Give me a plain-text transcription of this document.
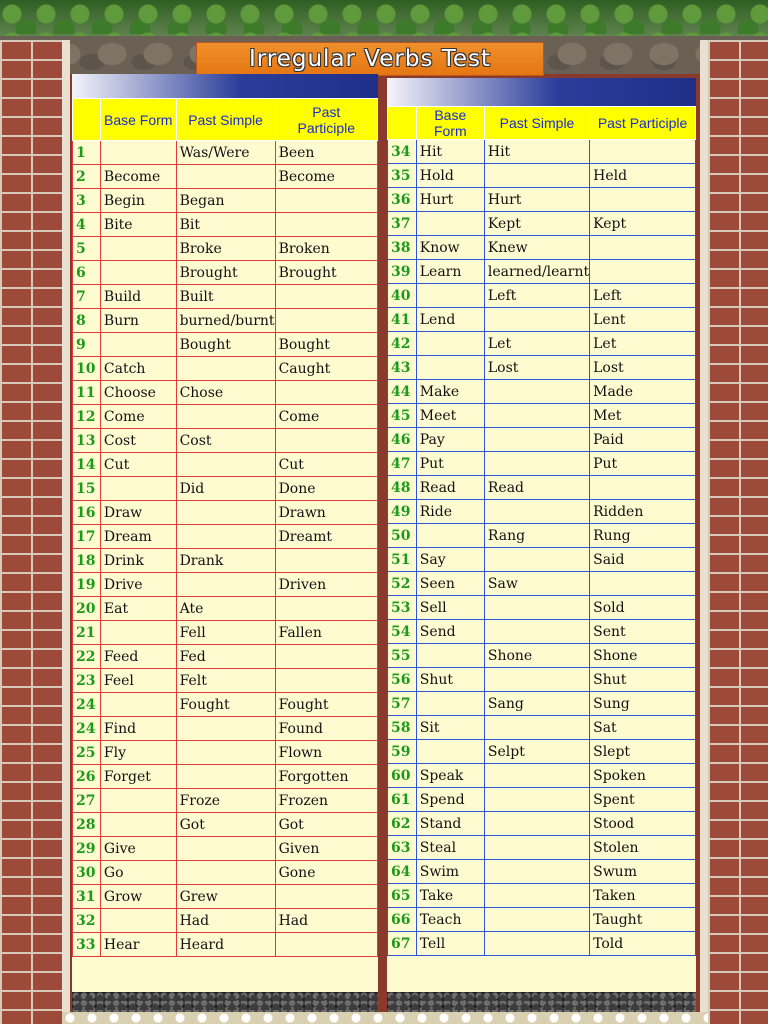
Irregular Verbs Test
	Base Form	Past Simple	Past
Participle
1		Was/Were	Been
2	Become		Become
3	Begin	Began	
4	Bite	Bit	
5		Broke	Broken
6		Brought	Brought
7	Build	Built	
8	Burn	burned/burnt	
9		Bought	Bought
10	Catch		Caught
11	Choose	Chose	
12	Come		Come
13	Cost	Cost	
14	Cut		Cut
15		Did	Done
16	Draw		Drawn
17	Dream		Dreamt
18	Drink	Drank	
19	Drive		Driven
20	Eat	Ate	
21		Fell	Fallen
22	Feed	Fed	
23	Feel	Felt	
24		Fought	Fought
24	Find		Found
25	Fly		Flown
26	Forget		Forgotten
27		Froze	Frozen
28		Got	Got
29	Give		Given
30	Go		Gone
31	Grow	Grew	
32		Had	Had
33	Hear	Heard	
	Base Form	Past Simple	Past Participle
34	Hit	Hit	
35	Hold		Held
36	Hurt	Hurt	
37		Kept	Kept
38	Know	Knew	
39	Learn	learned/learnt	
40		Left	Left
41	Lend		Lent
42		Let	Let
43		Lost	Lost
44	Make		Made
45	Meet		Met
46	Pay		Paid
47	Put		Put
48	Read	Read	
49	Ride		Ridden
50		Rang	Rung
51	Say		Said
52	Seen	Saw	
53	Sell		Sold
54	Send		Sent
55		Shone	Shone
56	Shut		Shut
57		Sang	Sung
58	Sit		Sat
59		Selpt	Slept
60	Speak		Spoken
61	Spend		Spent
62	Stand		Stood
63	Steal		Stolen
64	Swim		Swum
65	Take		Taken
66	Teach		Taught
67	Tell		Told
